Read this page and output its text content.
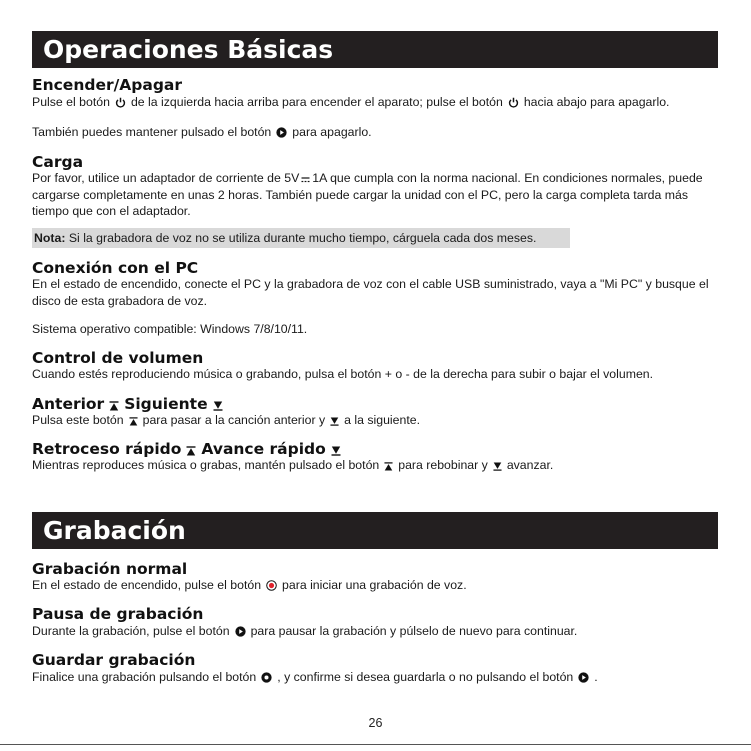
Operaciones Básicas
Encender/Apagar
Pulse el botón de la izquierda hacia arriba para encender el aparato; pulse el botón hacia abajo para apagarlo.
También puedes mantener pulsado el botón para apagarlo.
Carga
Por favor, utilice un adaptador de corriente de 5V 1A que cumpla con la norma nacional. En condiciones normales, puede cargarse completamente en unas 2 horas. También puede cargar la unidad con el PC, pero la carga completa tarda más tiempo que con el adaptador.
Nota: Si la grabadora de voz no se utiliza durante mucho tiempo, cárguela cada dos meses.
Conexión con el PC
En el estado de encendido, conecte el PC y la grabadora de voz con el cable USB suministrado, vaya a "Mi PC" y busque el disco de esta grabadora de voz.
Sistema operativo compatible: Windows 7/8/10/11.
Control de volumen
Cuando estés reproduciendo música o grabando, pulsa el botón + o - de la derecha para subir o bajar el volumen.
Anterior Siguiente
Pulsa este botón para pasar a la canción anterior y a la siguiente.
Retroceso rápido Avance rápido
Mientras reproduces música o grabas, mantén pulsado el botón para rebobinar y avanzar.
Grabación
Grabación normal
En el estado de encendido, pulse el botón para iniciar una grabación de voz.
Pausa de grabación
Durante la grabación, pulse el botón para pausar la grabación y púlselo de nuevo para continuar.
Guardar grabación
Finalice una grabación pulsando el botón , y confirme si desea guardarla o no pulsando el botón .
26
